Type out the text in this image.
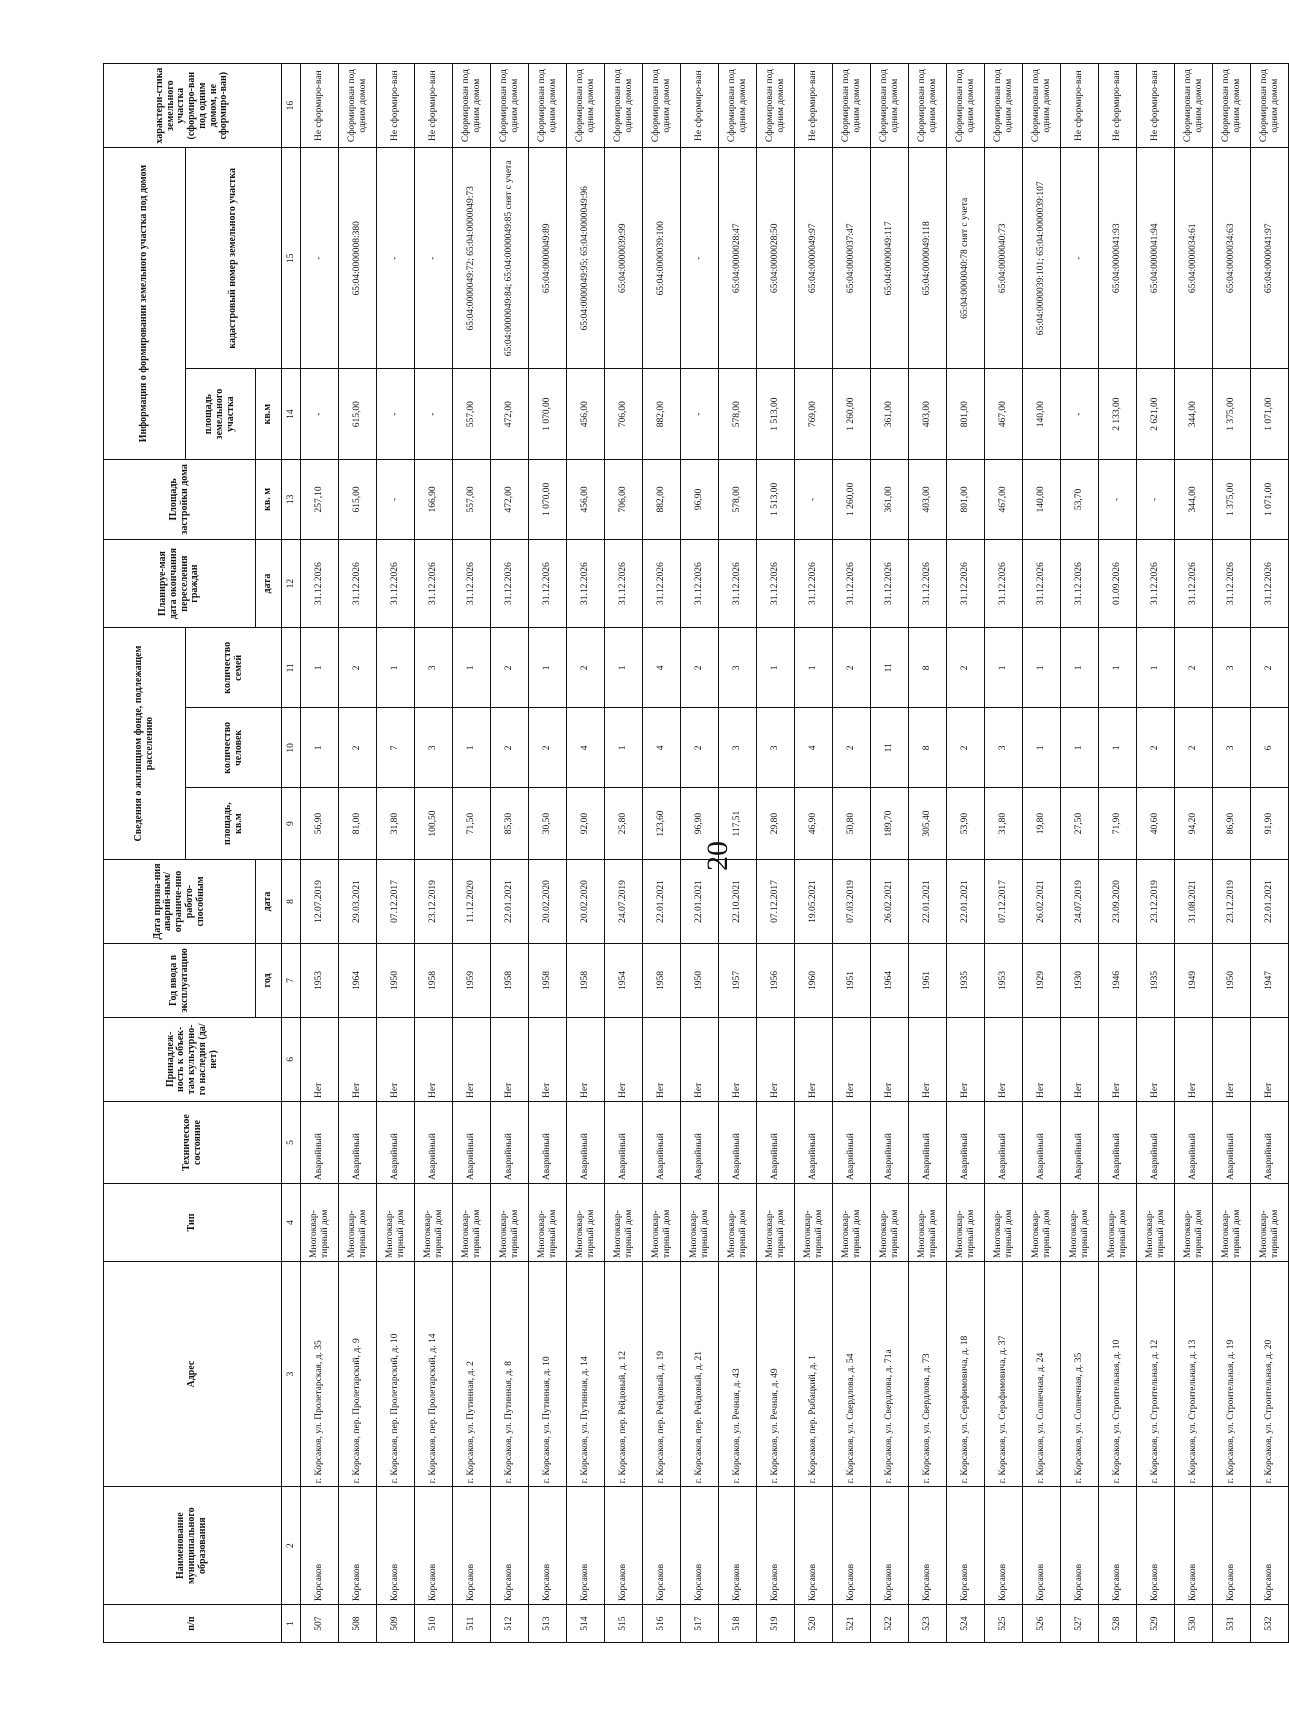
20
п/п	Наименование муниципального образования	Адрес	Тип	Техническое состояние	Принадлеж-ность к объек-там культурно-го наследия (да/нет)	Год ввода в эксплуатацию	Дата призна-ния аварий-ным/ограниче-нно работо-способным	Сведения о жилищном фонде, подлежащем расселению			Планируе-мая дата окончания переселения граждан	Площадь застройки дома	Информация о формировании земельного участка под домом		характери-стика земельного участка (сформиро-ван под одним домом, не сформиро-ван)
								площадь, кв.м	количество человек	количество семей			площадь земельного участка	кадастровый номер земельного участка	
						год	дата				дата	кв. м	кв.м		
1	2	3	4	5	6	7	8	9	10	11	12	13	14	15	16
507	Корсаков	г. Корсаков, ул. Пролетарская, д. 35	Многоквар-тирный дом	Аварийный	Нет	1953	12.07.2019	56,90	1	1	31.12.2026	257,10	-	-	Не сформиро-ван
508	Корсаков	г. Корсаков, пер. Пролетарский, д. 9	Многоквар-тирный дом	Аварийный	Нет	1964	29.03.2021	81,00	2	2	31.12.2026	615,00	615,00	65:04:0000008:380	Сформирован под одним домом
509	Корсаков	г. Корсаков, пер. Пролетарский, д. 10	Многоквар-тирный дом	Аварийный	Нет	1950	07.12.2017	31,80	7	1	31.12.2026	-	-	-	Не сформиро-ван
510	Корсаков	г. Корсаков, пер. Пролетарский, д. 14	Многоквар-тирный дом	Аварийный	Нет	1958	23.12.2019	100,50	3	3	31.12.2026	166,90	-	-	Не сформиро-ван
511	Корсаков	г. Корсаков, ул. Путинная, д. 2	Многоквар-тирный дом	Аварийный	Нет	1959	11.12.2020	71,50	1	1	31.12.2026	557,00	557,00	65:04:0000049:72; 65:04:0000049:73	Сформирован под одним домом
512	Корсаков	г. Корсаков, ул. Путинная, д. 8	Многоквар-тирный дом	Аварийный	Нет	1958	22.01.2021	85,30	2	2	31.12.2026	472,00	472,00	65:04:0000049:84; 65:04:0000049:85 снят с учета	Сформирован под одним домом
513	Корсаков	г. Корсаков, ул. Путинная, д. 10	Многоквар-тирный дом	Аварийный	Нет	1958	20.02.2020	30,50	2	1	31.12.2026	1 070,00	1 070,00	65:04:0000049:89	Сформирован под одним домом
514	Корсаков	г. Корсаков, ул. Путинная, д. 14	Многоквар-тирный дом	Аварийный	Нет	1958	20.02.2020	92,00	4	2	31.12.2026	456,00	456,00	65:04:0000049:95; 65:04:0000049:96	Сформирован под одним домом
515	Корсаков	г. Корсаков, пер. Рейдовый, д. 12	Многоквар-тирный дом	Аварийный	Нет	1954	24.07.2019	25,80	1	1	31.12.2026	706,00	706,00	65:04:0000039:99	Сформирован под одним домом
516	Корсаков	г. Корсаков, пер. Рейдовый, д. 19	Многоквар-тирный дом	Аварийный	Нет	1958	22.01.2021	123,60	4	4	31.12.2026	882,00	882,00	65:04:0000039:100	Сформирован под одним домом
517	Корсаков	г. Корсаков, пер. Рейдовый, д. 21	Многоквар-тирный дом	Аварийный	Нет	1950	22.01.2021	96,90	2	2	31.12.2026	96,90	-	-	Не сформиро-ван
518	Корсаков	г. Корсаков, ул. Речная, д. 43	Многоквар-тирный дом	Аварийный	Нет	1957	22.10.2021	117,51	3	3	31.12.2026	578,00	578,00	65:04:0000028:47	Сформирован под одним домом
519	Корсаков	г. Корсаков, ул. Речная, д. 49	Многоквар-тирный дом	Аварийный	Нет	1956	07.12.2017	29,80	3	1	31.12.2026	1 513,00	1 513,00	65:04:0000028:50	Сформирован под одним домом
520	Корсаков	г. Корсаков, пер. Рыбацкий, д. 1	Многоквар-тирный дом	Аварийный	Нет	1960	19.05.2021	46,90	4	1	31.12.2026	-	769,00	65:04:0000049:97	Не сформиро-ван
521	Корсаков	г. Корсаков, ул. Свердлова, д. 54	Многоквар-тирный дом	Аварийный	Нет	1951	07.03.2019	50,80	2	2	31.12.2026	1 260,00	1 260,00	65:04:0000037:47	Сформирован под одним домом
522	Корсаков	г. Корсаков, ул. Свердлова, д. 71а	Многоквар-тирный дом	Аварийный	Нет	1964	26.02.2021	189,70	11	11	31.12.2026	361,00	361,00	65:04:0000049:117	Сформирован под одним домом
523	Корсаков	г. Корсаков, ул. Свердлова, д. 73	Многоквар-тирный дом	Аварийный	Нет	1961	22.01.2021	305,40	8	8	31.12.2026	403,00	403,00	65:04:0000049:118	Сформирован под одним домом
524	Корсаков	г. Корсаков, ул. Серафимовича, д. 18	Многоквар-тирный дом	Аварийный	Нет	1935	22.01.2021	53,90	2	2	31.12.2026	801,00	801,00	65:04:0000040:78 снят с учета	Сформирован под одним домом
525	Корсаков	г. Корсаков, ул. Серафимовича, д. 37	Многоквар-тирный дом	Аварийный	Нет	1953	07.12.2017	31,80	3	1	31.12.2026	467,00	467,00	65:04:0000040:73	Сформирован под одним домом
526	Корсаков	г. Корсаков, ул. Солнечная, д. 24	Многоквар-тирный дом	Аварийный	Нет	1929	26.02.2021	19,80	1	1	31.12.2026	140,00	140,00	65:04:0000039:101; 65:04:0000039:107	Сформирован под одним домом
527	Корсаков	г. Корсаков, ул. Солнечная, д. 35	Многоквар-тирный дом	Аварийный	Нет	1930	24.07.2019	27,50	1	1	31.12.2026	53,70	-	-	Не сформиро-ван
528	Корсаков	г. Корсаков, ул. Строительная, д. 10	Многоквар-тирный дом	Аварийный	Нет	1946	23.09.2020	71,90	1	1	01.09.2026	-	2 133,00	65:04:0000041:93	Не сформиро-ван
529	Корсаков	г. Корсаков, ул. Строительная, д. 12	Многоквар-тирный дом	Аварийный	Нет	1935	23.12.2019	40,60	2	1	31.12.2026	-	2 621,00	65:04:0000041:94	Не сформиро-ван
530	Корсаков	г. Корсаков, ул. Строительная, д. 13	Многоквар-тирный дом	Аварийный	Нет	1949	31.08.2021	94,20	2	2	31.12.2026	344,00	344,00	65:04:0000034:61	Сформирован под одним домом
531	Корсаков	г. Корсаков, ул. Строительная, д. 19	Многоквар-тирный дом	Аварийный	Нет	1950	23.12.2019	86,90	3	3	31.12.2026	1 375,00	1 375,00	65:04:0000034:63	Сформирован под одним домом
532	Корсаков	г. Корсаков, ул. Строительная, д. 20	Многоквар-тирный дом	Аварийный	Нет	1947	22.01.2021	91,90	6	2	31.12.2026	1 071,00	1 071,00	65:04:0000041:97	Сформирован под одним домом
